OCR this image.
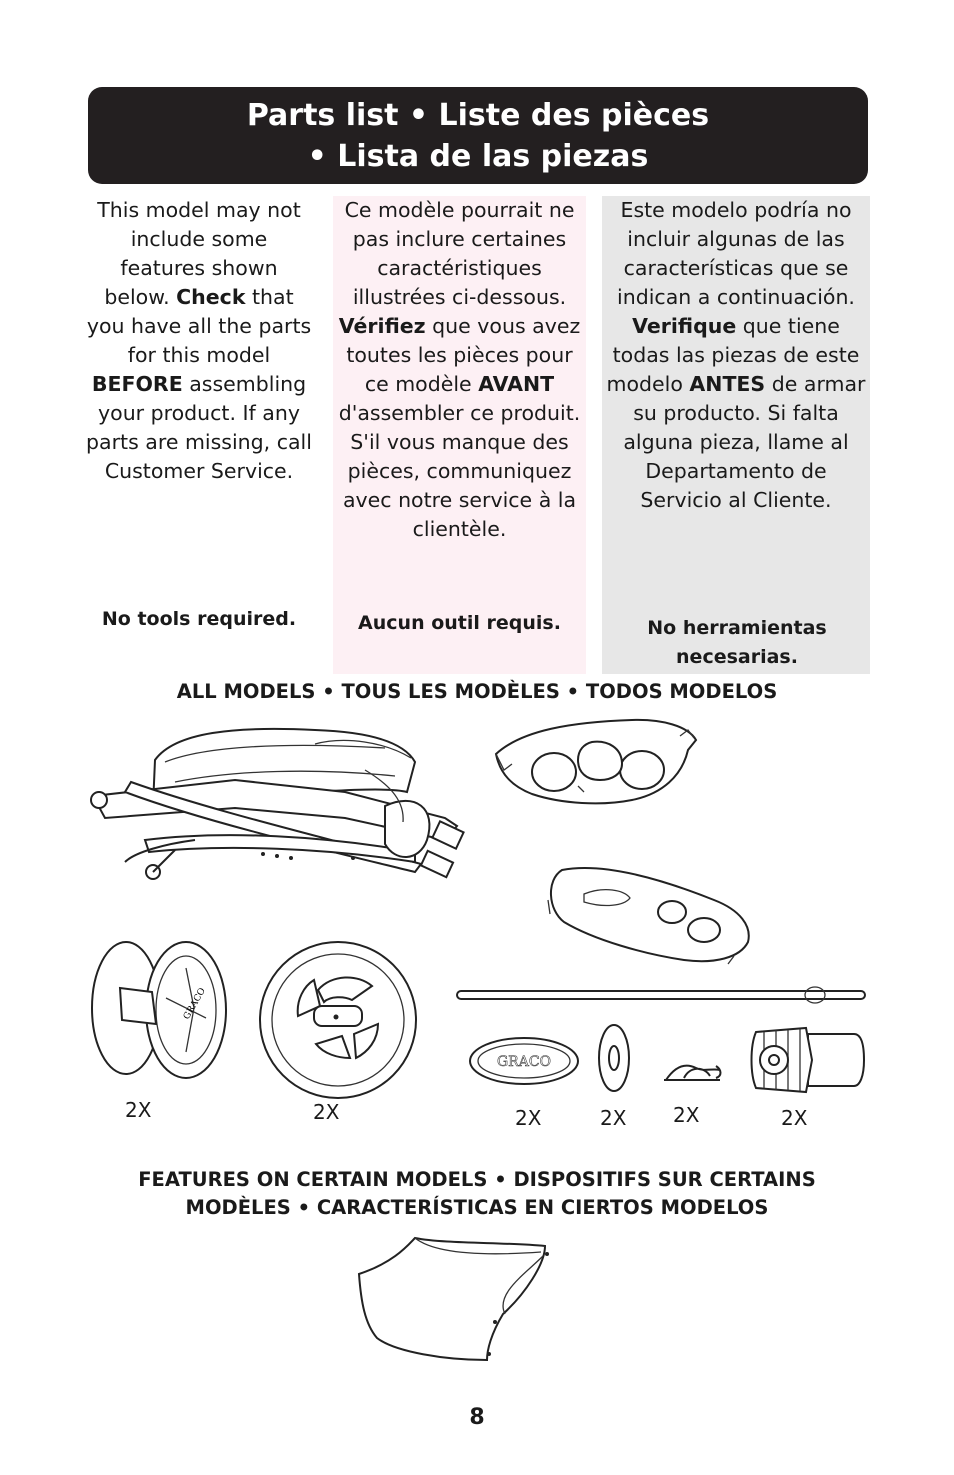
Parts list • Liste des pièces
• Lista de las piezas
This model may not include some features shown below. Check that you have all the parts for this model BEFORE assembling your product. If any parts are missing, call Customer Service.
No tools required.
Ce modèle pourrait ne pas inclure certaines caractéristiques illustrées ci-dessous. Vérifiez que vous avez toutes les pièces pour ce modèle AVANT d'assembler ce produit. S'il vous manque des pièces, communiquez avec notre service à la clientèle.
Aucun outil requis.
Este modelo podría no incluir algunas de las características que se indican a continuación. Verifique que tiene todas las piezas de este modelo ANTES de armar su producto. Si falta alguna pieza, llame al Departamento de Servicio al Cliente.
No herramientas necesarias.
ALL MODELS • TOUS LES MODÈLES • TODOS MODELOS
GRACO
2X	2X
GRACO
2X	2X 2X	2X
FEATURES ON CERTAIN MODELS • DISPOSITIFS SUR CERTAINS
MODÈLES • CARACTERÍSTICAS EN CIERTOS MODELOS
8
